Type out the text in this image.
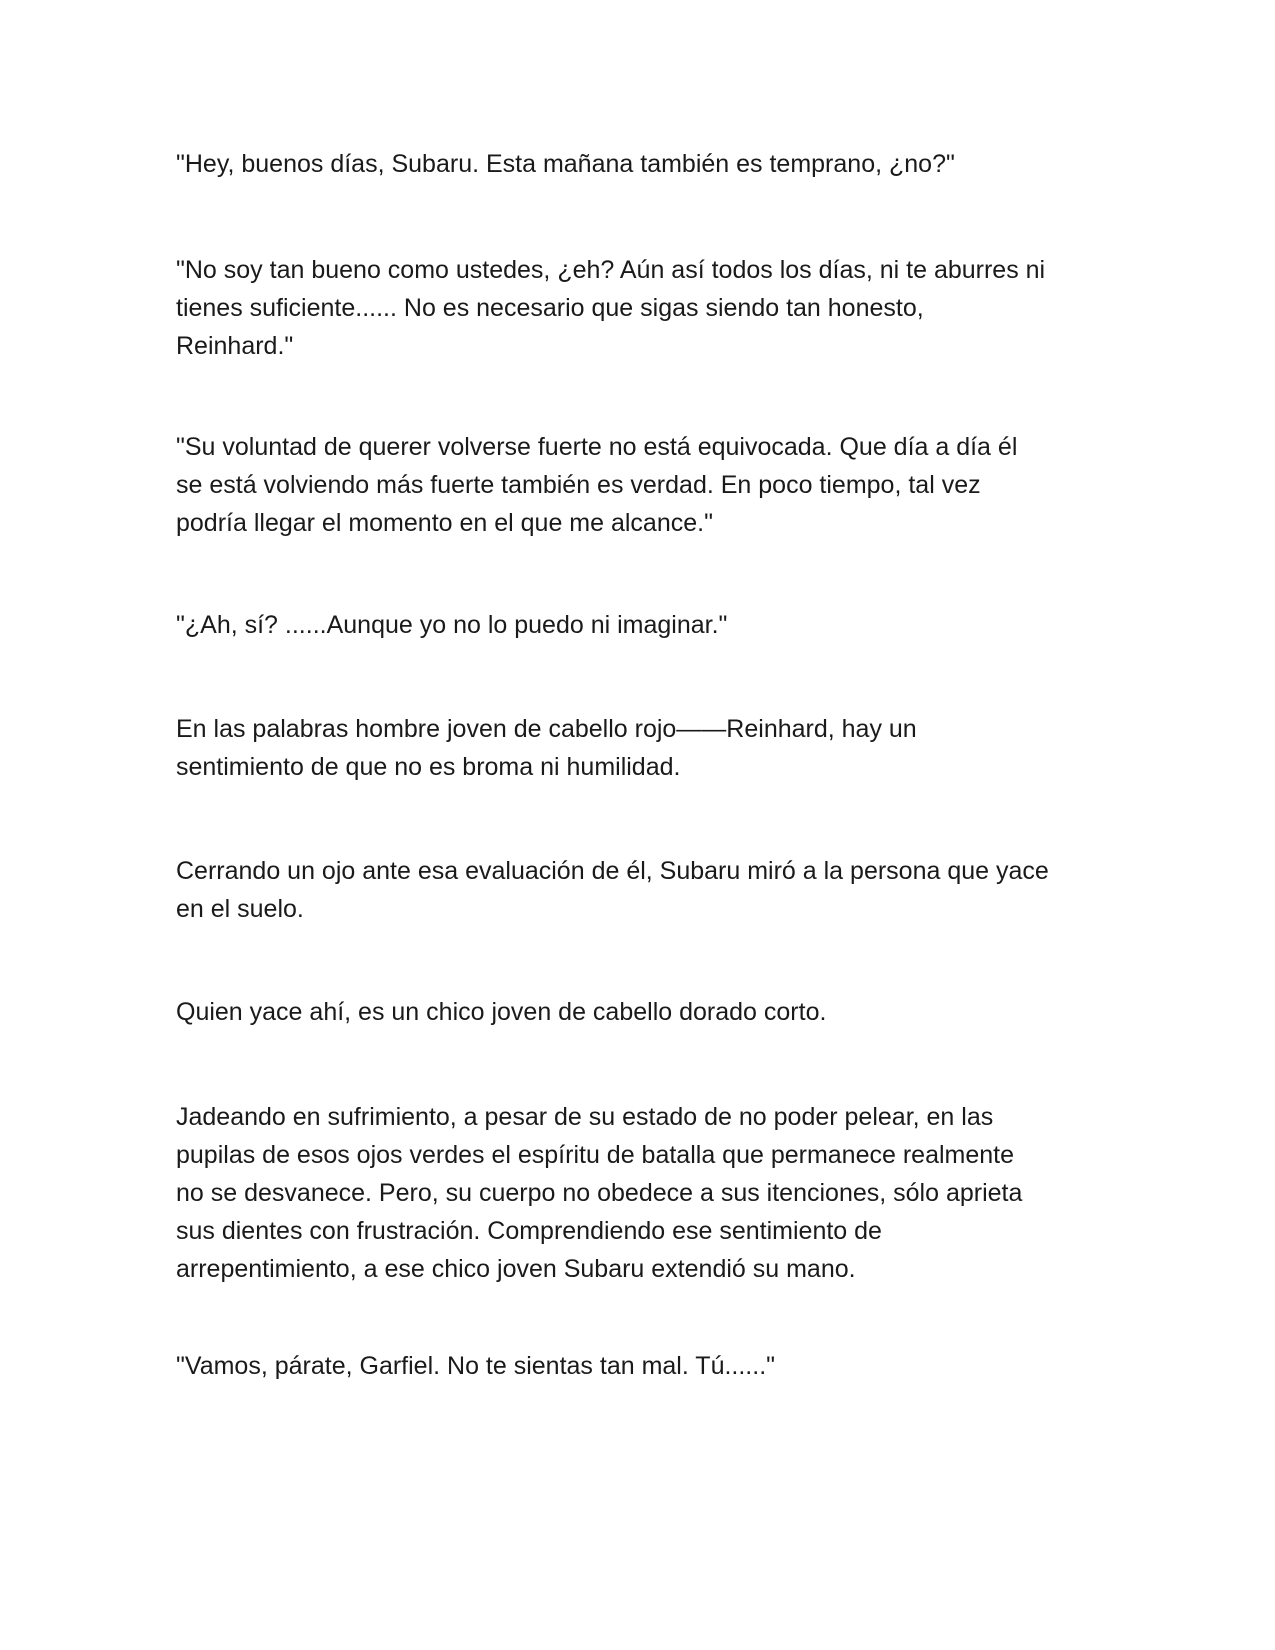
"Hey, buenos días, Subaru. Esta mañana también es temprano, ¿no?"

"No soy tan bueno como ustedes, ¿eh? Aún así todos los días, ni te aburres ni
tienes suficiente...... No es necesario que sigas siendo tan honesto,
Reinhard."

"Su voluntad de querer volverse fuerte no está equivocada. Que día a día él
se está volviendo más fuerte también es verdad. En poco tiempo, tal vez
podría llegar el momento en el que me alcance."

"¿Ah, sí? ......Aunque yo no lo puedo ni imaginar."

En las palabras hombre joven de cabello rojo——Reinhard, hay un
sentimiento de que no es broma ni humilidad.

Cerrando un ojo ante esa evaluación de él, Subaru miró a la persona que yace
en el suelo.

Quien yace ahí, es un chico joven de cabello dorado corto.

Jadeando en sufrimiento, a pesar de su estado de no poder pelear, en las
pupilas de esos ojos verdes el espíritu de batalla que permanece realmente
no se desvanece. Pero, su cuerpo no obedece a sus itenciones, sólo aprieta
sus dientes con frustración. Comprendiendo ese sentimiento de
arrepentimiento, a ese chico joven Subaru extendió su mano.

"Vamos, párate, Garfiel. No te sientas tan mal. Tú......"
